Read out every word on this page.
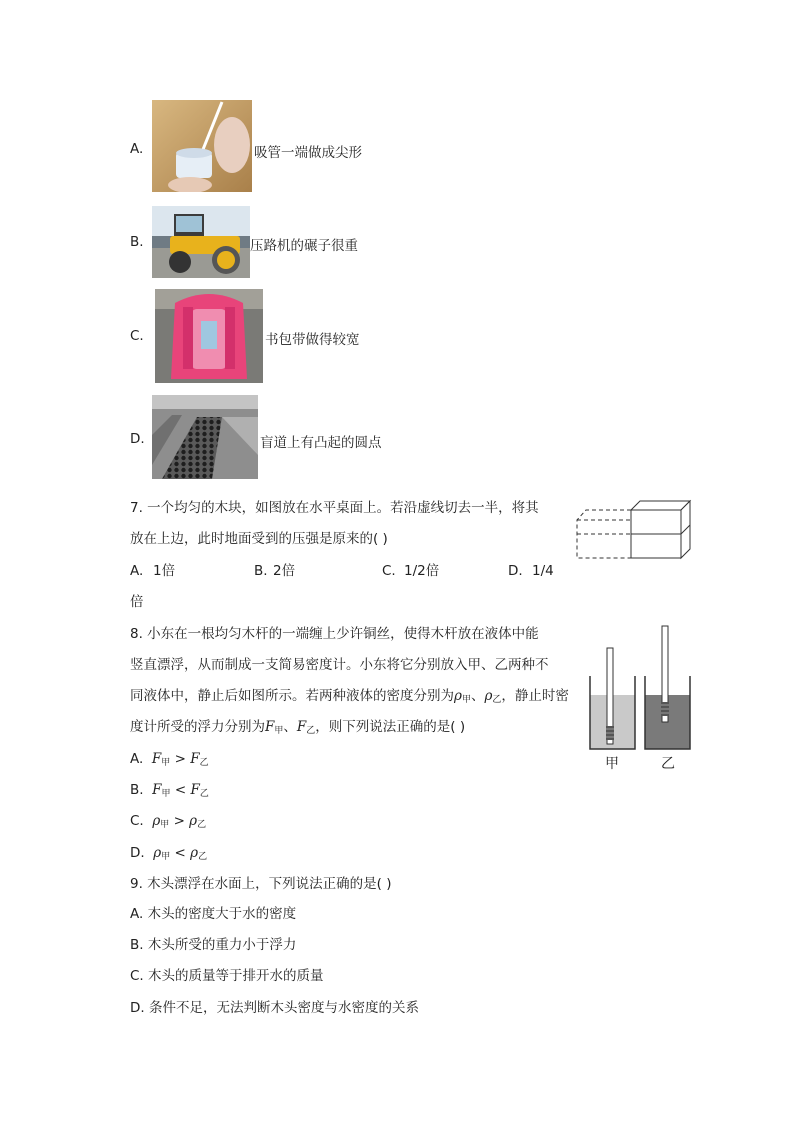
A.	吸管一端做成尖形
B.	压路机的碾子很重
C.	书包带做得较宽
D.	盲道上有凸起的圆点
7. 一个均匀的木块，如图放在水平桌面上。若沿虚线切去一半，将其
放在上边，此时地面受到的压强是原来的( )
A. 1倍	B. 2倍	C. 1/2倍	D. 1/4
倍
8. 小东在一根均匀木杆的一端缠上少许铜丝，使得木杆放在液体中能
竖直漂浮，从而制成一支简易密度计。小东将它分别放入甲、乙两种不
同液体中，静止后如图所示。若两种液体的密度分别为$\rho_甲$、$\rho_乙$，静止时密
度计所受的浮力分别为$F_甲$、$F_乙$，则下列说法正确的是( )
A. $F_甲 > F_乙$
B. $F_甲 < F_乙$
C. $\rho_甲 > \rho_乙$
D. $\rho_甲 < \rho_乙$
甲	乙
9. 木头漂浮在水面上，下列说法正确的是( )
A. 木头的密度大于水的密度
B. 木头所受的重力小于浮力
C. 木头的质量等于排开水的质量
D. 条件不足，无法判断木头密度与水密度的关系
